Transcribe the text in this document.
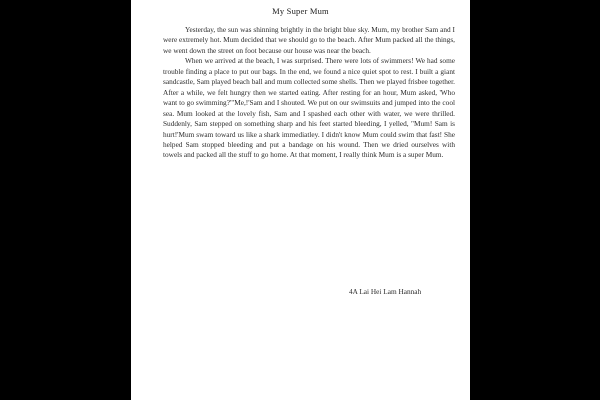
My Super Mum

Yesterday, the sun was shinning brightly in the bright blue sky. Mum, my brother Sam and I were extremely hot. Mum decided that we should go to the beach. After Mum packed all the things, we went down the street on foot because our house was near the beach.

When we arrived at the beach, I was surprised. There were lots of swimmers! We had some trouble finding a place to put our bags. In the end, we found a nice quiet spot to rest. I built a giant sandcastle, Sam played beach ball and mum collected some shells. Then we played frisbee together. After a while, we felt hungry then we started eating. After resting for an hour, Mum asked, 'Who want to go swimming?'"Me,!'Sam and I shouted. We put on our swimsuits and jumped into the cool sea. Mum looked at the lovely fish, Sam and I spashed each other with water, we were thrilled. Suddenly, Sam stepped on something sharp and his feet started bleeding, I yelled, "Mum! Sam is hurt!'Mum swam toward us like a shark immediatley. I didn't know Mum could swim that fast! She helped Sam stopped bleeding and put a bandage on his wound. Then we dried ourselves with towels and packed all the stuff to go home. At that moment, I really think Mum is a super Mum.

4A Lai Hei Lam Hannah
